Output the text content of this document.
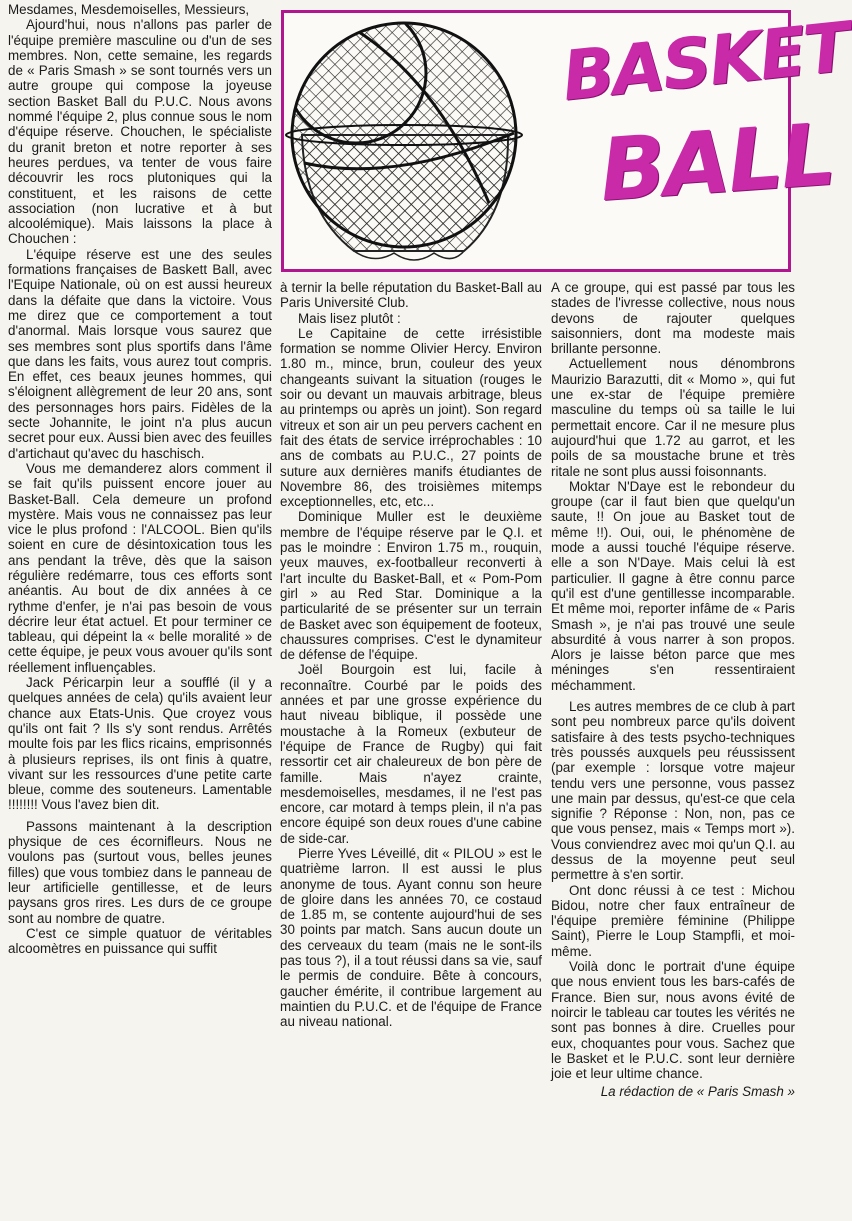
BASKET
BALL

Mesdames, Mesdemoiselles, Messieurs,

Ajourd'hui, nous n'allons pas parler de l'équipe première masculine ou d'un de ses membres. Non, cette semaine, les regards de « Paris Smash » se sont tournés vers un autre groupe qui compose la joyeuse section Basket Ball du P.U.C. Nous avons nommé l'équipe 2, plus connue sous le nom d'équipe réserve. Chouchen, le spécialiste du granit breton et notre reporter à ses heures perdues, va tenter de vous faire découvrir les rocs plutoniques qui la constituent, et les raisons de cette association (non lucrative et à but alcoolémique). Mais laissons la place à Chouchen :

L'équipe réserve est une des seules formations françaises de Baskett Ball, avec l'Equipe Nationale, où on est aussi heureux dans la défaite que dans la victoire. Vous me direz que ce comportement a tout d'anormal. Mais lorsque vous saurez que ses membres sont plus sportifs dans l'âme que dans les faits, vous aurez tout compris. En effet, ces beaux jeunes hommes, qui s'éloignent allègrement de leur 20 ans, sont des personnages hors pairs. Fidèles de la secte Johannite, le joint n'a plus aucun secret pour eux. Aussi bien avec des feuilles d'artichaut qu'avec du haschisch.

Vous me demanderez alors comment il se fait qu'ils puissent encore jouer au Basket-Ball. Cela demeure un profond mystère. Mais vous ne connaissez pas leur vice le plus profond : l'ALCOOL. Bien qu'ils soient en cure de désintoxication tous les ans pendant la trêve, dès que la saison régulière redémarre, tous ces efforts sont anéantis. Au bout de dix années à ce rythme d'enfer, je n'ai pas besoin de vous décrire leur état actuel. Et pour terminer ce tableau, qui dépeint la « belle moralité » de cette équipe, je peux vous avouer qu'ils sont réellement influençables.

Jack Péricarpin leur a soufflé (il y a quelques années de cela) qu'ils avaient leur chance aux Etats-Unis. Que croyez vous qu'ils ont fait ? Ils s'y sont rendus. Arrêtés moulte fois par les flics ricains, emprisonnés à plusieurs reprises, ils ont finis à quatre, vivant sur les ressources d'une petite carte bleue, comme des souteneurs. Lamentable !!!!!!!! Vous l'avez bien dit.

Passons maintenant à la description physique de ces écornifleurs. Nous ne voulons pas (surtout vous, belles jeunes filles) que vous tombiez dans le panneau de leur artificielle gentillesse, et de leurs paysans gros rires. Les durs de ce groupe sont au nombre de quatre.

C'est ce simple quatuor de véritables alcoomètres en puissance qui suffit

à ternir la belle réputation du Basket-Ball au Paris Université Club.

Mais lisez plutôt :

Le Capitaine de cette irrésistible formation se nomme Olivier Hercy. Environ 1.80 m., mince, brun, couleur des yeux changeants suivant la situation (rouges le soir ou devant un mauvais arbitrage, bleus au printemps ou après un joint). Son regard vitreux et son air un peu pervers cachent en fait des états de service irréprochables : 10 ans de combats au P.U.C., 27 points de suture aux dernières manifs étudiantes de Novembre 86, des troisièmes mitemps exceptionnelles, etc, etc...

Dominique Muller est le deuxième membre de l'équipe réserve par le Q.I. et pas le moindre : Environ 1.75 m., rouquin, yeux mauves, ex-footballeur reconverti à l'art inculte du Basket-Ball, et « Pom-Pom girl » au Red Star. Dominique a la particularité de se présenter sur un terrain de Basket avec son équipement de footeux, chaussures comprises. C'est le dynamiteur de défense de l'équipe.

Joël Bourgoin est lui, facile à reconnaître. Courbé par le poids des années et par une grosse expérience du haut niveau biblique, il possède une moustache à la Romeux (exbuteur de l'équipe de France de Rugby) qui fait ressortir cet air chaleureux de bon père de famille. Mais n'ayez crainte, mesdemoiselles, mesdames, il ne l'est pas encore, car motard à temps plein, il n'a pas encore équipé son deux roues d'une cabine de side-car.

Pierre Yves Léveillé, dit « PILOU » est le quatrième larron. Il est aussi le plus anonyme de tous. Ayant connu son heure de gloire dans les années 70, ce costaud de 1.85 m, se contente aujourd'hui de ses 30 points par match. Sans aucun doute un des cerveaux du team (mais ne le sont-ils pas tous ?), il a tout réussi dans sa vie, sauf le permis de conduire. Bête à concours, gaucher émérite, il contribue largement au maintien du P.U.C. et de l'équipe de France au niveau national.

A ce groupe, qui est passé par tous les stades de l'ivresse collective, nous nous devons de rajouter quelques saisonniers, dont ma modeste mais brillante personne.

Actuellement nous dénombrons Maurizio Barazutti, dit « Momo », qui fut une ex-star de l'équipe première masculine du temps où sa taille le lui permettait encore. Car il ne mesure plus aujourd'hui que 1.72 au garrot, et les poils de sa moustache brune et très ritale ne sont plus aussi foisonnants.

Moktar N'Daye est le rebondeur du groupe (car il faut bien que quelqu'un saute, !! On joue au Basket tout de même !!). Oui, oui, le phénomène de mode a aussi touché l'équipe réserve. elle a son N'Daye. Mais celui là est particulier. Il gagne à être connu parce qu'il est d'une gentillesse incomparable. Et même moi, reporter infâme de « Paris Smash », je n'ai pas trouvé une seule absurdité à vous narrer à son propos. Alors je laisse béton parce que mes méninges s'en ressentiraient méchamment.

Les autres membres de ce club à part sont peu nombreux parce qu'ils doivent satisfaire à des tests psycho-techniques très poussés auxquels peu réussissent (par exemple : lorsque votre majeur tendu vers une personne, vous passez une main par dessus, qu'est-ce que cela signifie ? Réponse : Non, non, pas ce que vous pensez, mais « Temps mort »). Vous conviendrez avec moi qu'un Q.I. au dessus de la moyenne peut seul permettre à s'en sortir.

Ont donc réussi à ce test : Michou Bidou, notre cher faux entraîneur de l'équipe première féminine (Philippe Saint), Pierre le Loup Stampfli, et moi-même.

Voilà donc le portrait d'une équipe que nous envient tous les bars-cafés de France. Bien sur, nous avons évité de noircir le tableau car toutes les vérités ne sont pas bonnes à dire. Cruelles pour eux, choquantes pour vous. Sachez que le Basket et le P.U.C. sont leur dernière joie et leur ultime chance.

La rédaction de « Paris Smash »
